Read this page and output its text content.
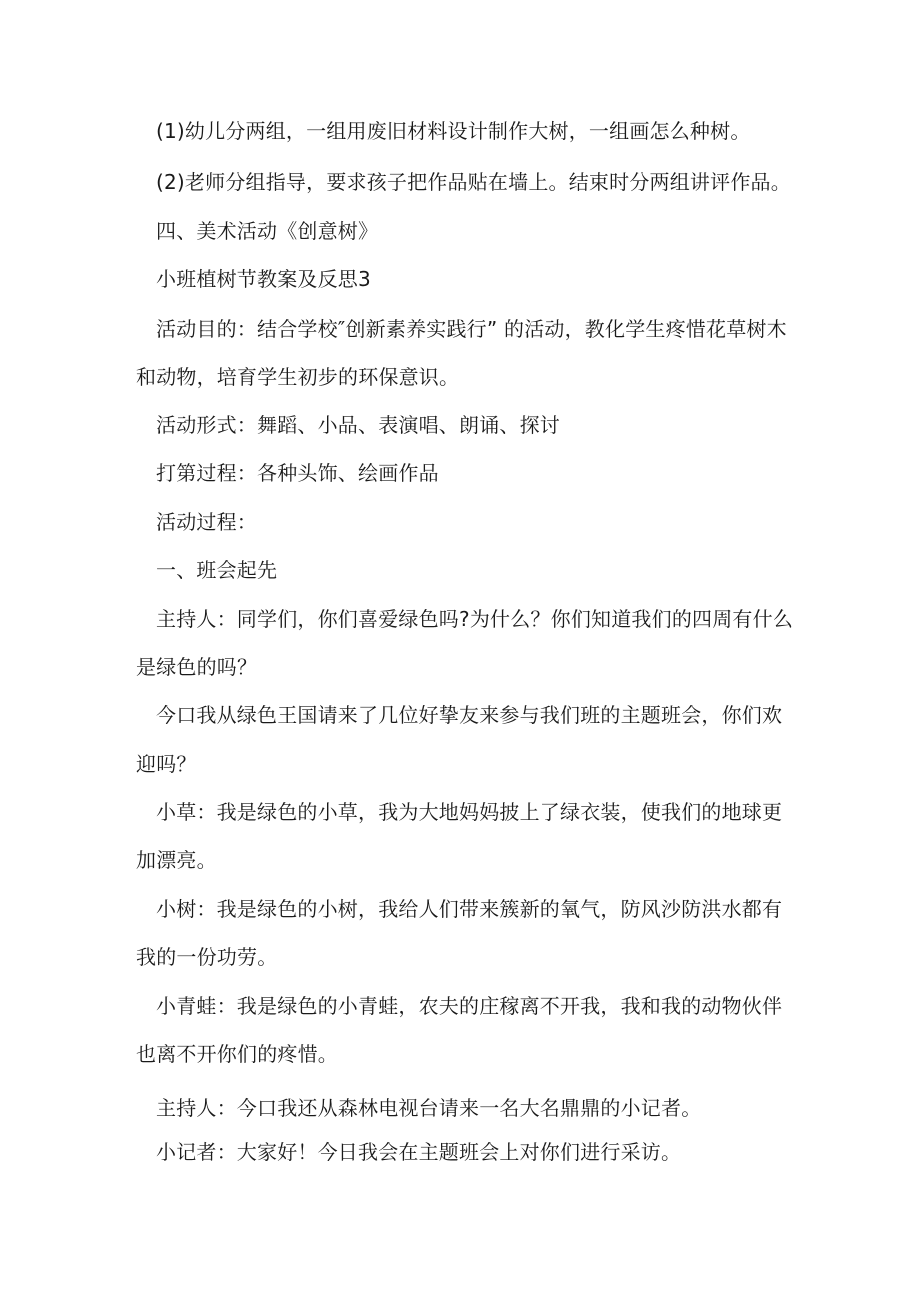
(1)幼儿分两组，一组用废旧材料设计制作大树，一组画怎么种树。
(2)老师分组指导，要求孩子把作品贴在墙上。结束时分两组讲评作品。
四、美术活动《创意树》
小班植树节教案及反思3
活动目的：结合学校″创新素养实践行” 的活动，教化学生疼惜花草树木
和动物，培育学生初步的环保意识。
活动形式：舞蹈、小品、表演唱、朗诵、探讨
打第过程：各种头饰、绘画作品
活动过程：
一、班会起先
主持人：同学们，你们喜爱绿色吗?为什么？你们知道我们的四周有什么
是绿色的吗？
今口我从绿色王国请来了几位好挚友来参与我们班的主题班会，你们欢
迎吗？
小草：我是绿色的小草，我为大地妈妈披上了绿衣装，使我们的地球更
加漂亮。
小树：我是绿色的小树，我给人们带来簇新的氧气，防风沙防洪水都有
我的一份功劳。
小青蛙：我是绿色的小青蛙，农夫的庄稼离不开我，我和我的动物伙伴
也离不开你们的疼惜。
主持人：今口我还从森林电视台请来一名大名鼎鼎的小记者。
小记者：大家好！今日我会在主题班会上对你们进行采访。
